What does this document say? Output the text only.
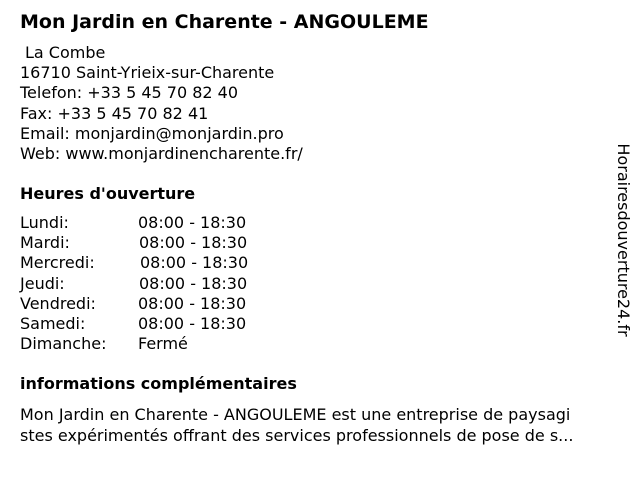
Mon Jardin en Charente - ANGOULEME
La Combe
16710 Saint-Yrieix-sur-Charente
Telefon: +33 5 45 70 82 40
Fax: +33 5 45 70 82 41
Email: monjardin@monjardin.pro
Web: www.monjardinencharente.fr/
Heures d'ouverture
Lundi:	08:00 - 18:30
Mardi:	08:00 - 18:30
Mercredi:	08:00 - 18:30
Jeudi:	08:00 - 18:30
Vendredi:	08:00 - 18:30
Samedi:	08:00 - 18:30
Dimanche: Fermé
informations complémentaires
Mon Jardin en Charente - ANGOULEME est une entreprise de paysagi
stes expérimentés offrant des services professionnels de pose de s...
Horairesdouverture24.fr
